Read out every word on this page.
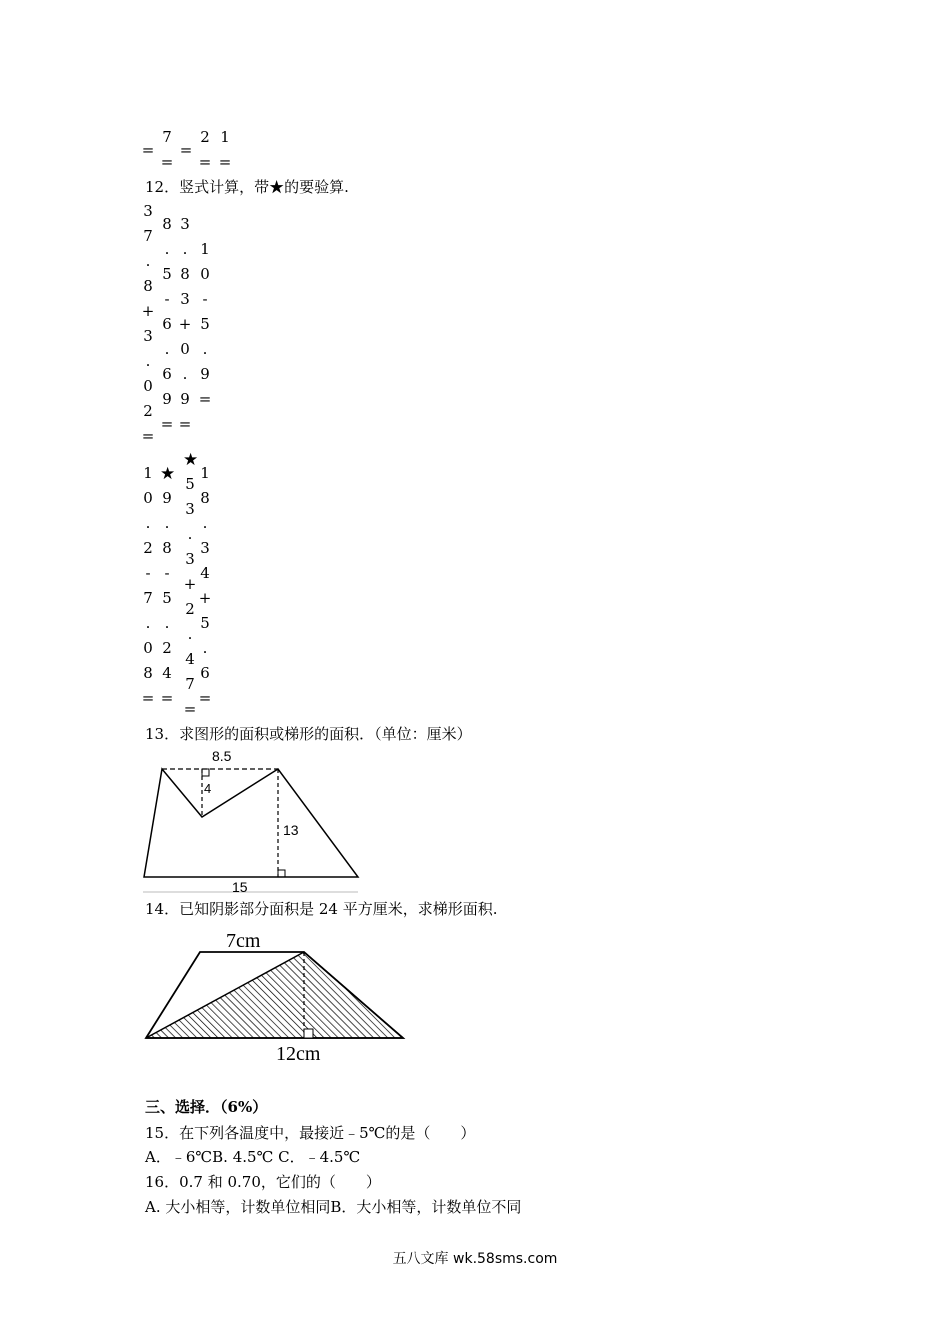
7 2 1
= =
= = =
12．竖式计算，带★的要验算.
3
7
.
8
+
3
.
0
2
=
8
.
5
-
6
.
6
9
=
3
.
8
3
+
0
.
9
=
1
0
-
5
.
9
=
1
0
.
2
-
7
.
0
8
=
★
9
.
8
-
5
.
2
4
=
★
5
3
.
3
+
2
.
4
7
=
1
8
.
3
4
+
5
.
6
=
13．求图形的面积或梯形的面积．（单位：厘米）
8.5
4
13
15
14．已知阴影部分面积是 24 平方厘米，求梯形面积.
7cm
12cm
三、选择．（6%）
15．在下列各温度中，最接近﹣5℃的是（　　）
A．﹣6℃B. 4.5℃ C．﹣4.5℃
16．0.7 和 0.70，它们的（　　）
A. 大小相等，计数单位相同B．大小相等，计数单位不同
五八文库 wk.58sms.com
